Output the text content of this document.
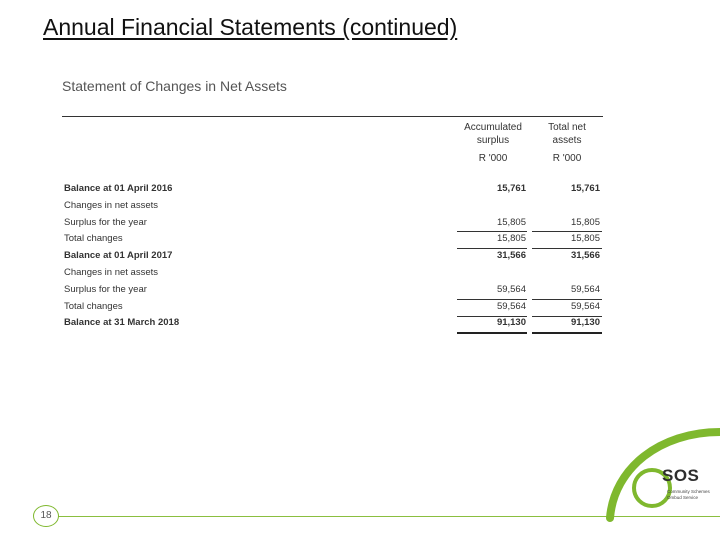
Annual Financial Statements (continued)
Statement of Changes in Net Assets
Accumulated
surplus
R '000
Total net
assets
R '000
Balance at 01 April 2016	15,761	15,761
Changes in net assets
Surplus for the year	15,805	15,805
Total changes	15,805	15,805
Balance at 01 April 2017	31,566	31,566
Changes in net assets
Surplus for the year	59,564	59,564
Total changes	59,564	59,564
Balance at 31 March 2018	91,130	91,130
18
SOS
Community Schemes
Ombud Service
